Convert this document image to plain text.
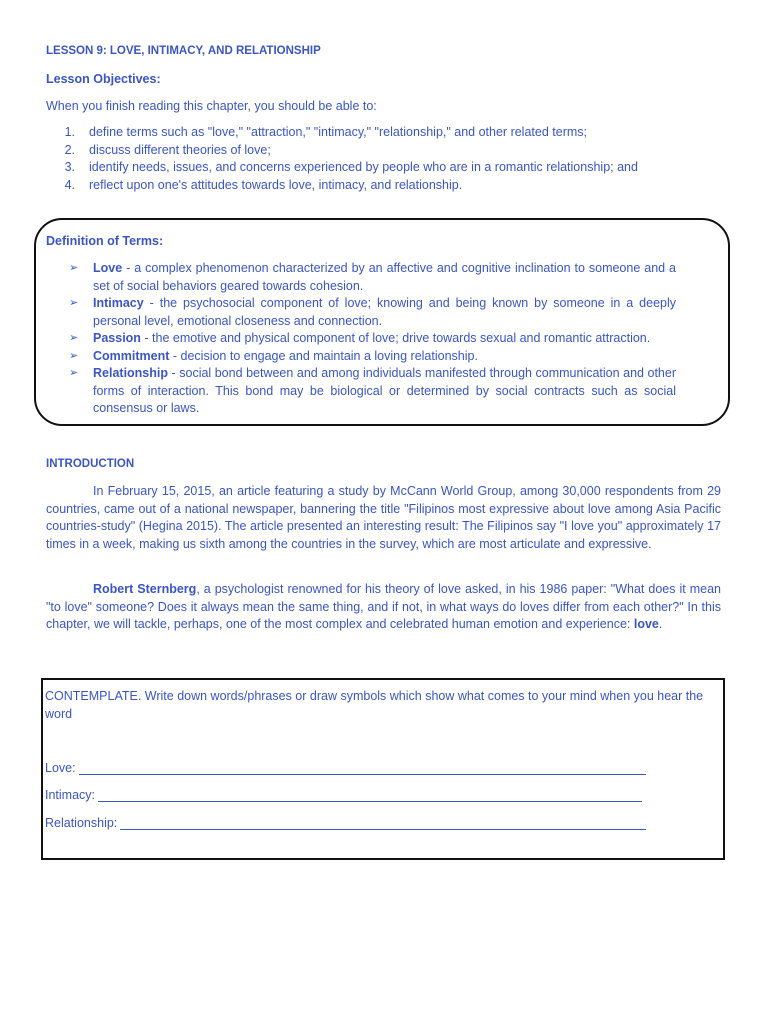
LESSON 9: LOVE, INTIMACY, AND RELATIONSHIP
Lesson Objectives:
When you finish reading this chapter, you should be able to:
1.	define terms such as "love," "attraction," "intimacy," "relationship," and other related terms;
2.	discuss different theories of love;
3.	identify needs, issues, and concerns experienced by people who are in a romantic relationship; and
4.	reflect upon one's attitudes towards love, intimacy, and relationship.
Definition of Terms:
➢ Love - a complex phenomenon characterized by an affective and cognitive inclination to someone and a set of social behaviors geared towards cohesion.
➢ Intimacy - the psychosocial component of love; knowing and being known by someone in a deeply personal level, emotional closeness and connection.
➢ Passion - the emotive and physical component of love; drive towards sexual and romantic attraction.
➢ Commitment - decision to engage and maintain a loving relationship.
➢ Relationship - social bond between and among individuals manifested through communication and other forms of interaction. This bond may be biological or determined by social contracts such as social consensus or laws.
INTRODUCTION
In February 15, 2015, an article featuring a study by McCann World Group, among 30,000 respondents from 29 countries, came out of a national newspaper, bannering the title "Filipinos most expressive about love among Asia Pacific countries-study" (Hegina 2015). The article presented an interesting result: The Filipinos say "I love you" approximately 17 times in a week, making us sixth among the countries in the survey, which are most articulate and expressive.
Robert Sternberg, a psychologist renowned for his theory of love asked, in his 1986 paper: "What does it mean "to love" someone? Does it always mean the same thing, and if not, in what ways do loves differ from each other?" In this chapter, we will tackle, perhaps, one of the most complex and celebrated human emotion and experience: love.
CONTEMPLATE. Write down words/phrases or draw symbols which show what comes to your mind when you hear the word
Love:
Intimacy:
Relationship:
